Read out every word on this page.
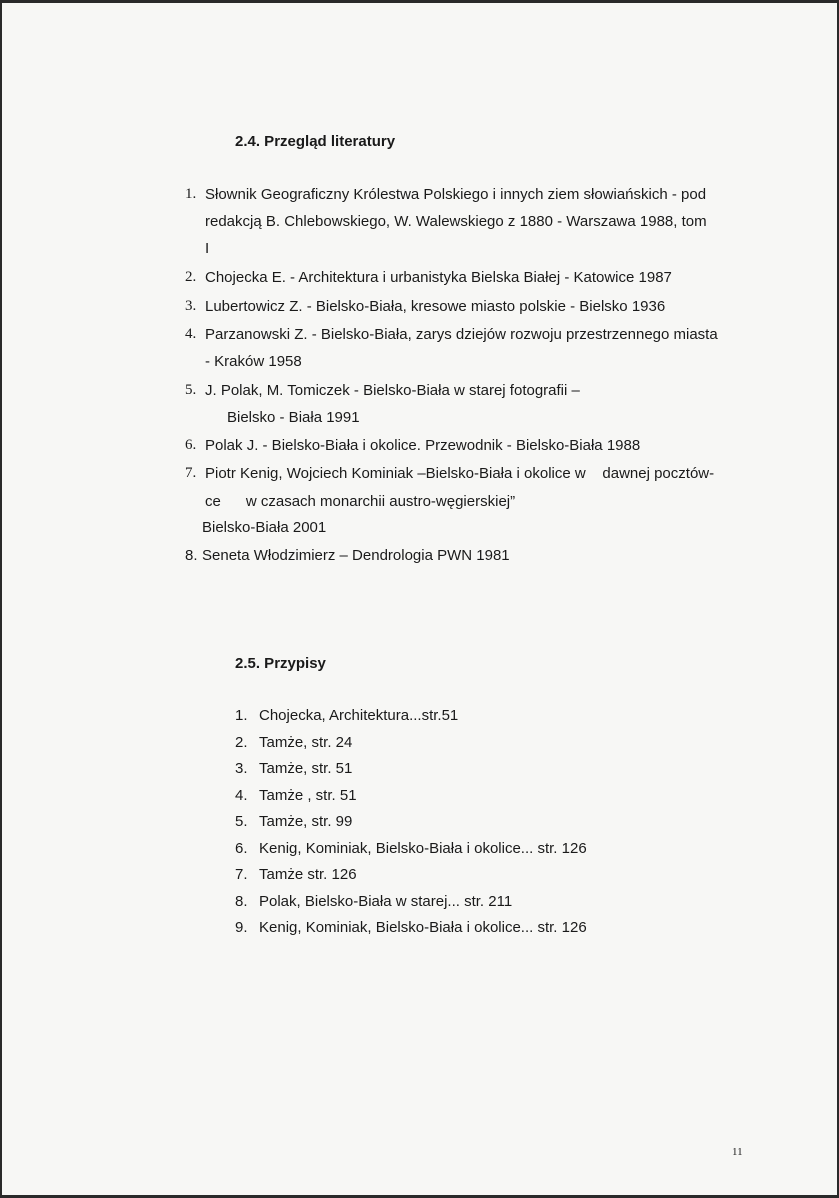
2.4. Przegląd literatury
1. Słownik Geograficzny Królestwa Polskiego i innych ziem słowiańskich - pod
redakcją B. Chlebowskiego, W. Walewskiego z 1880 - Warszawa 1988, tom
I
2. Chojecka E. - Architektura i urbanistyka Bielska Białej - Katowice 1987
3. Lubertowicz Z. - Bielsko-Biała, kresowe miasto polskie - Bielsko 1936
4. Parzanowski Z. - Bielsko-Biała, zarys dziejów rozwoju przestrzennego miasta
- Kraków 1958
5. J. Polak, M. Tomiczek - Bielsko-Biała w starej fotografii –
Bielsko - Biała 1991
6. Polak J. - Bielsko-Biała i okolice. Przewodnik - Bielsko-Biała 1988
7. Piotr Kenig, Wojciech Kominiak –Bielsko-Biała i okolice w    dawnej pocztów-
ce      w czasach monarchii austro-węgierskiej”
Bielsko-Biała 2001
8. Seneta Włodzimierz – Dendrologia PWN 1981
2.5. Przypisy
1. Chojecka, Architektura...str.51
2. Tamże, str. 24
3. Tamże, str. 51
4. Tamże , str. 51
5. Tamże, str. 99
6. Kenig, Kominiak, Bielsko-Biała i okolice... str. 126
7. Tamże str. 126
8. Polak, Bielsko-Biała w starej... str. 211
9. Kenig, Kominiak, Bielsko-Biała i okolice... str. 126
11
